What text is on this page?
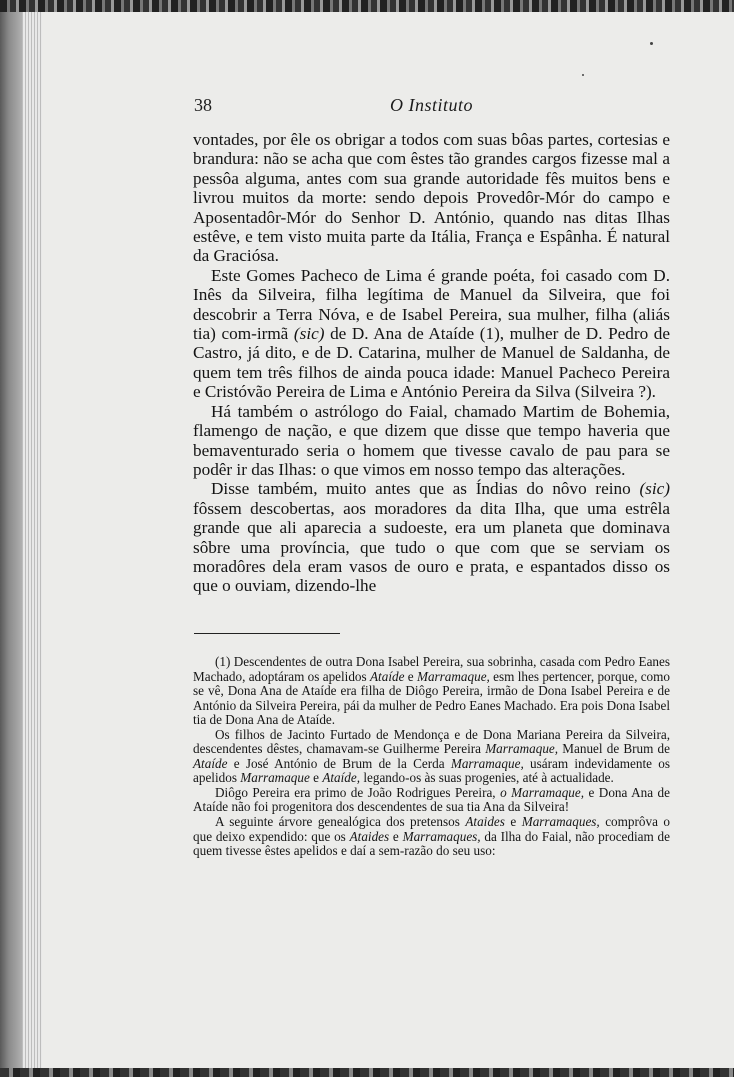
38	O Instituto

vontades, por êle os obrigar a todos com suas bôas partes, cortesias e brandura: não se acha que com êstes tão grandes cargos fizesse mal a pessôa alguma, antes com sua grande autoridade fês muitos bens e livrou muitos da morte: sendo depois Provedôr-Mór do campo e Aposentadôr-Mór do Senhor D. António, quando nas ditas Ilhas estêve, e tem visto muita parte da Itália, França e Espânha. É natural da Graciósa.

Este Gomes Pacheco de Lima é grande poéta, foi casado com D. Inês da Silveira, filha legítima de Manuel da Silveira, que foi descobrir a Terra Nóva, e de Isabel Pereira, sua mulher, filha (aliás tia) com-irmã (sic) de D. Ana de Ataíde (1), mulher de D. Pedro de Castro, já dito, e de D. Catarina, mulher de Manuel de Saldanha, de quem tem três filhos de ainda pouca idade: Manuel Pacheco Pereira e Cristóvão Pereira de Lima e António Pereira da Silva (Silveira ?).

Há também o astrólogo do Faial, chamado Martim de Bohemia, flamengo de nação, e que dizem que disse que tempo haveria que bemaventurado seria o homem que tivesse cavalo de pau para se podêr ir das Ilhas: o que vimos em nosso tempo das alterações.

Disse também, muito antes que as Índias do nôvo reino (sic) fôssem descobertas, aos moradores da dita Ilha, que uma estrêla grande que ali aparecia a sudoeste, era um planeta que dominava sôbre uma província, que tudo o que com que se serviam os moradôres dela eram vasos de ouro e prata, e espantados disso os que o ouviam, dizendo-lhe

(1) Descendentes de outra Dona Isabel Pereira, sua sobrinha, casada com Pedro Eanes Machado, adoptáram os apelidos Ataíde e Marramaque, esm lhes pertencer, porque, como se vê, Dona Ana de Ataíde era filha de Diôgo Pereira, irmão de Dona Isabel Pereira e de António da Silveira Pereira, pái da mulher de Pedro Eanes Machado. Era pois Dona Isabel tia de Dona Ana de Ataíde.

Os filhos de Jacinto Furtado de Mendonça e de Dona Mariana Pereira da Silveira, descendentes dêstes, chamavam-se Guilherme Pereira Marramaque, Manuel de Brum de Ataíde e José António de Brum de la Cerda Marramaque, usáram indevidamente os apelidos Marramaque e Ataíde, legando-os às suas progenies, até à actualidade.

Diôgo Pereira era primo de João Rodrigues Pereira, o Marramaque, e Dona Ana de Ataíde não foi progenitora dos descendentes de sua tia Ana da Silveira!

A seguinte árvore genealógica dos pretensos Ataides e Marramaques, comprôva o que deixo expendido: que os Ataides e Marramaques, da Ilha do Faial, não procediam de quem tivesse êstes apelidos e daí a sem-razão do seu uso:
